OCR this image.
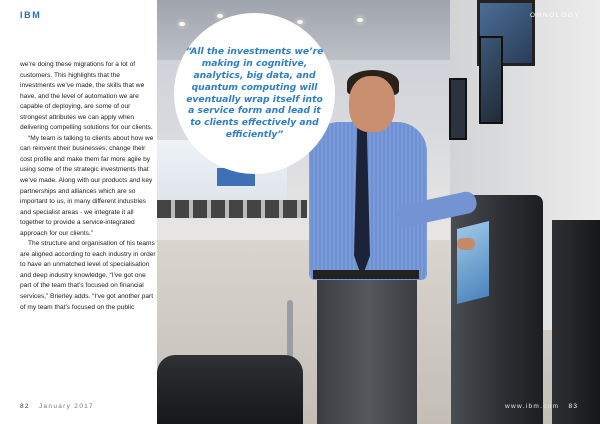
IBM

we’re doing these migrations for a lot of customers. This highlights that the investments we’ve made, the skills that we have, and the level of automation we are capable of deploying, are some of our strongest attributes we can apply when delivering compelling solutions for our clients.

“My team is talking to clients about how we can reinvent their businesses, change their cost profile and make them far more agile by using some of the strategic investments that we’ve made. Along with our products and key partnerships and alliances which are so important to us, in many different industries and specialist areas - we integrate it all together to provide a service-integrated approach for our clients.”

The structure and organisation of his teams are aligned according to each industry in order to have an unmatched level of specialisation and deep industry knowledge. “I’ve got one part of the team that’s focused on financial services,” Brierley adds. “I’ve got another part of my team that’s focused on the public

82 January 2017
“All the investments we’re making in cognitive, analytics, big data, and quantum computing will eventually wrap itself into a service form and lead it to clients effectively and efficiently”
OHNOLOGY
www.ibm.com 83
